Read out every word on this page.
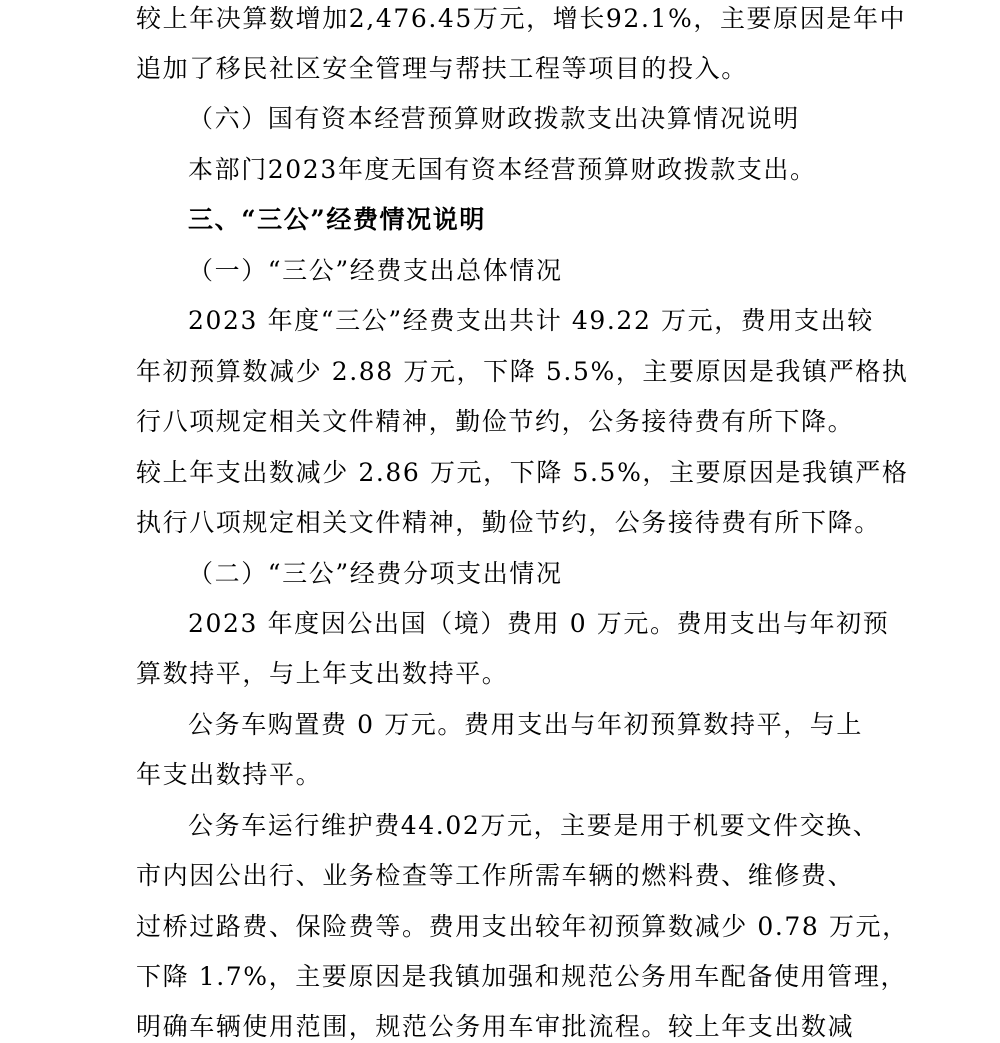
较上年决算数增加2,476.45万元，增长92.1%，主要原因是年中
追加了移民社区安全管理与帮扶工程等项目的投入。
（六）国有资本经营预算财政拨款支出决算情况说明
本部门2023年度无国有资本经营预算财政拨款支出。
三、“三公”经费情况说明
（一）“三公”经费支出总体情况
2023 年度“三公”经费支出共计 49.22 万元，费用支出较
年初预算数减少 2.88 万元，下降 5.5%，主要原因是我镇严格执
行八项规定相关文件精神，勤俭节约，公务接待费有所下降。
较上年支出数减少 2.86 万元，下降 5.5%，主要原因是我镇严格
执行八项规定相关文件精神，勤俭节约，公务接待费有所下降。
（二）“三公”经费分项支出情况
2023 年度因公出国（境）费用 0 万元。费用支出与年初预
算数持平，与上年支出数持平。
公务车购置费 0 万元。费用支出与年初预算数持平，与上
年支出数持平。
公务车运行维护费44.02万元，主要是用于机要文件交换、
市内因公出行、业务检查等工作所需车辆的燃料费、维修费、
过桥过路费、保险费等。费用支出较年初预算数减少 0.78 万元，
下降 1.7%，主要原因是我镇加强和规范公务用车配备使用管理，
明确车辆使用范围，规范公务用车审批流程。较上年支出数减
